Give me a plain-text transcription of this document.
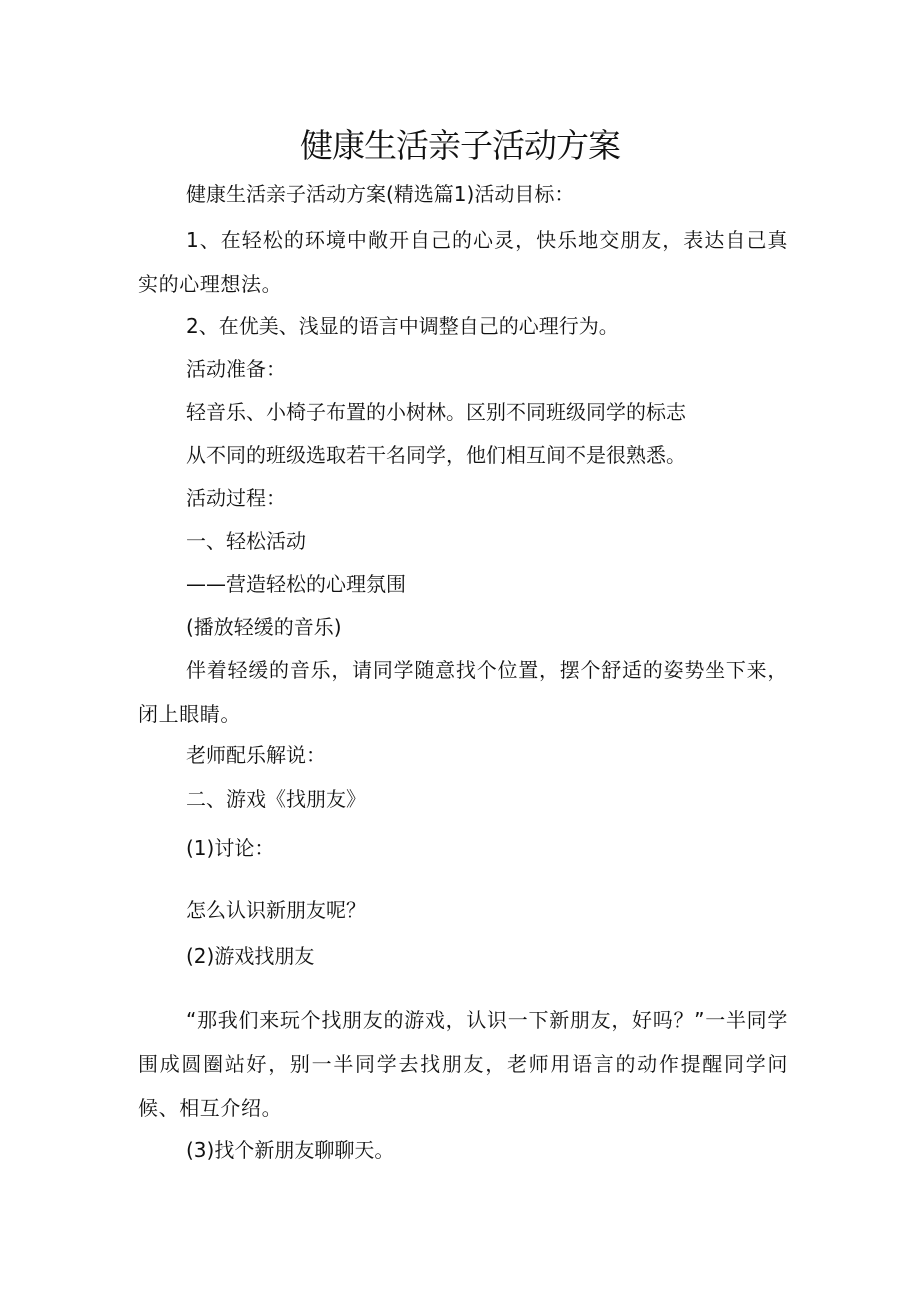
健康生活亲子活动方案

健康生活亲子活动方案(精选篇1)活动目标：

1、在轻松的环境中敞开自己的心灵，快乐地交朋友，表达自己真实的心理想法。

2、在优美、浅显的语言中调整自己的心理行为。

活动准备：

轻音乐、小椅子布置的小树林。区别不同班级同学的标志

从不同的班级选取若干名同学，他们相互间不是很熟悉。

活动过程：

一、轻松活动

——营造轻松的心理氛围

(播放轻缓的音乐)

伴着轻缓的音乐，请同学随意找个位置，摆个舒适的姿势坐下来，闭上眼睛。

老师配乐解说：

二、游戏《找朋友》

(1)讨论：

怎么认识新朋友呢？

(2)游戏找朋友

“那我们来玩个找朋友的游戏，认识一下新朋友，好吗？”一半同学围成圆圈站好，别一半同学去找朋友，老师用语言的动作提醒同学问候、相互介绍。

(3)找个新朋友聊聊天。
